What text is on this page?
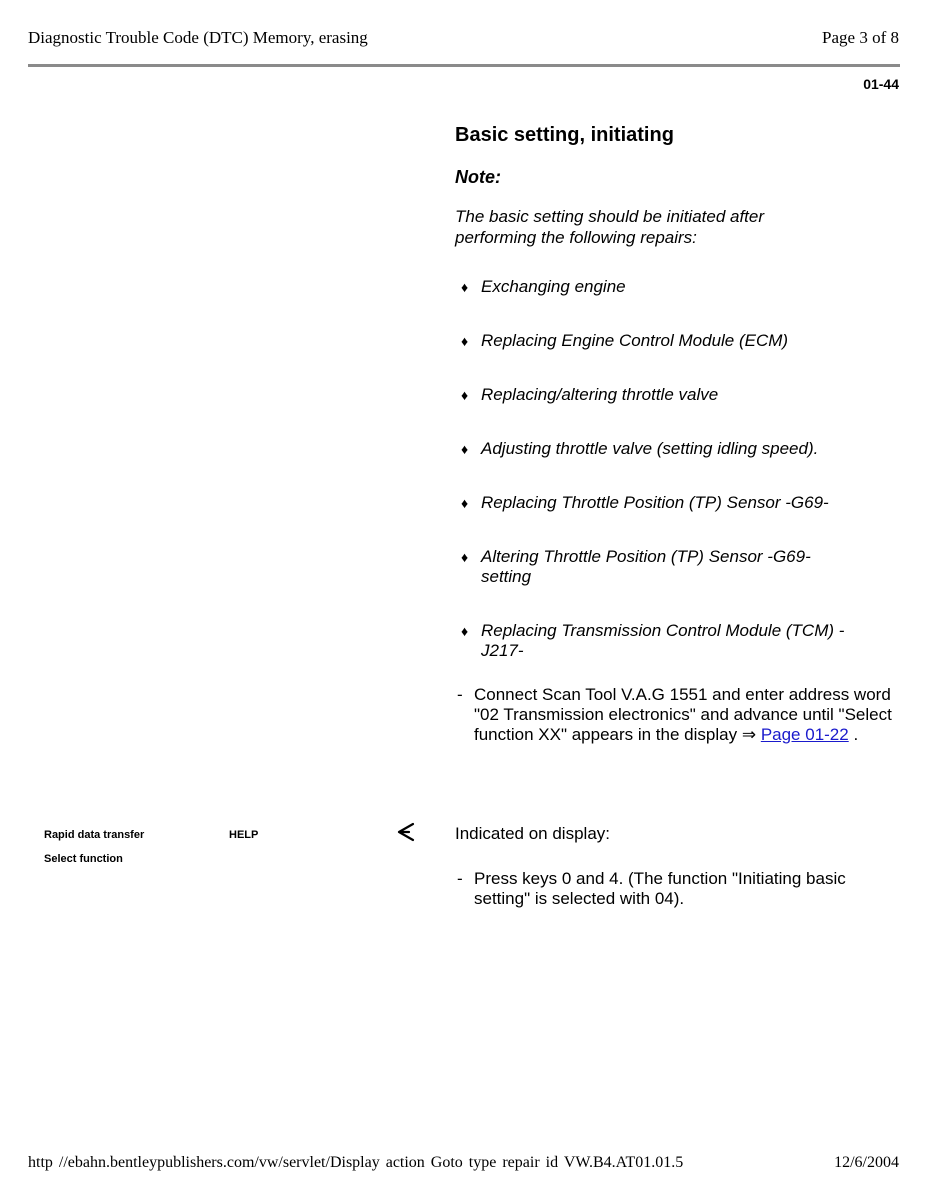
Diagnostic Trouble Code (DTC) Memory, erasing	Page 3 of 8
01-44
Basic setting, initiating
Note:
The basic setting should be initiated after performing the following repairs:
♦ Exchanging engine
♦ Replacing Engine Control Module (ECM)
♦ Replacing/altering throttle valve
♦ Adjusting throttle valve (setting idling speed).
♦ Replacing Throttle Position (TP) Sensor -G69-
♦ Altering Throttle Position (TP) Sensor -G69- setting
♦ Replacing Transmission Control Module (TCM) -J217-
- Connect Scan Tool V.A.G 1551 and enter address word "02 Transmission electronics" and advance until "Select function XX" appears in the display ⇒ Page 01-22 .
Rapid data transfer	HELP
Select function
Indicated on display:
- Press keys 0 and 4. (The function "Initiating basic setting" is selected with 04).
http //ebahn.bentleypublishers.com/vw/servlet/Display action Goto type repair id VW.B4.AT01.01.5	12/6/2004
